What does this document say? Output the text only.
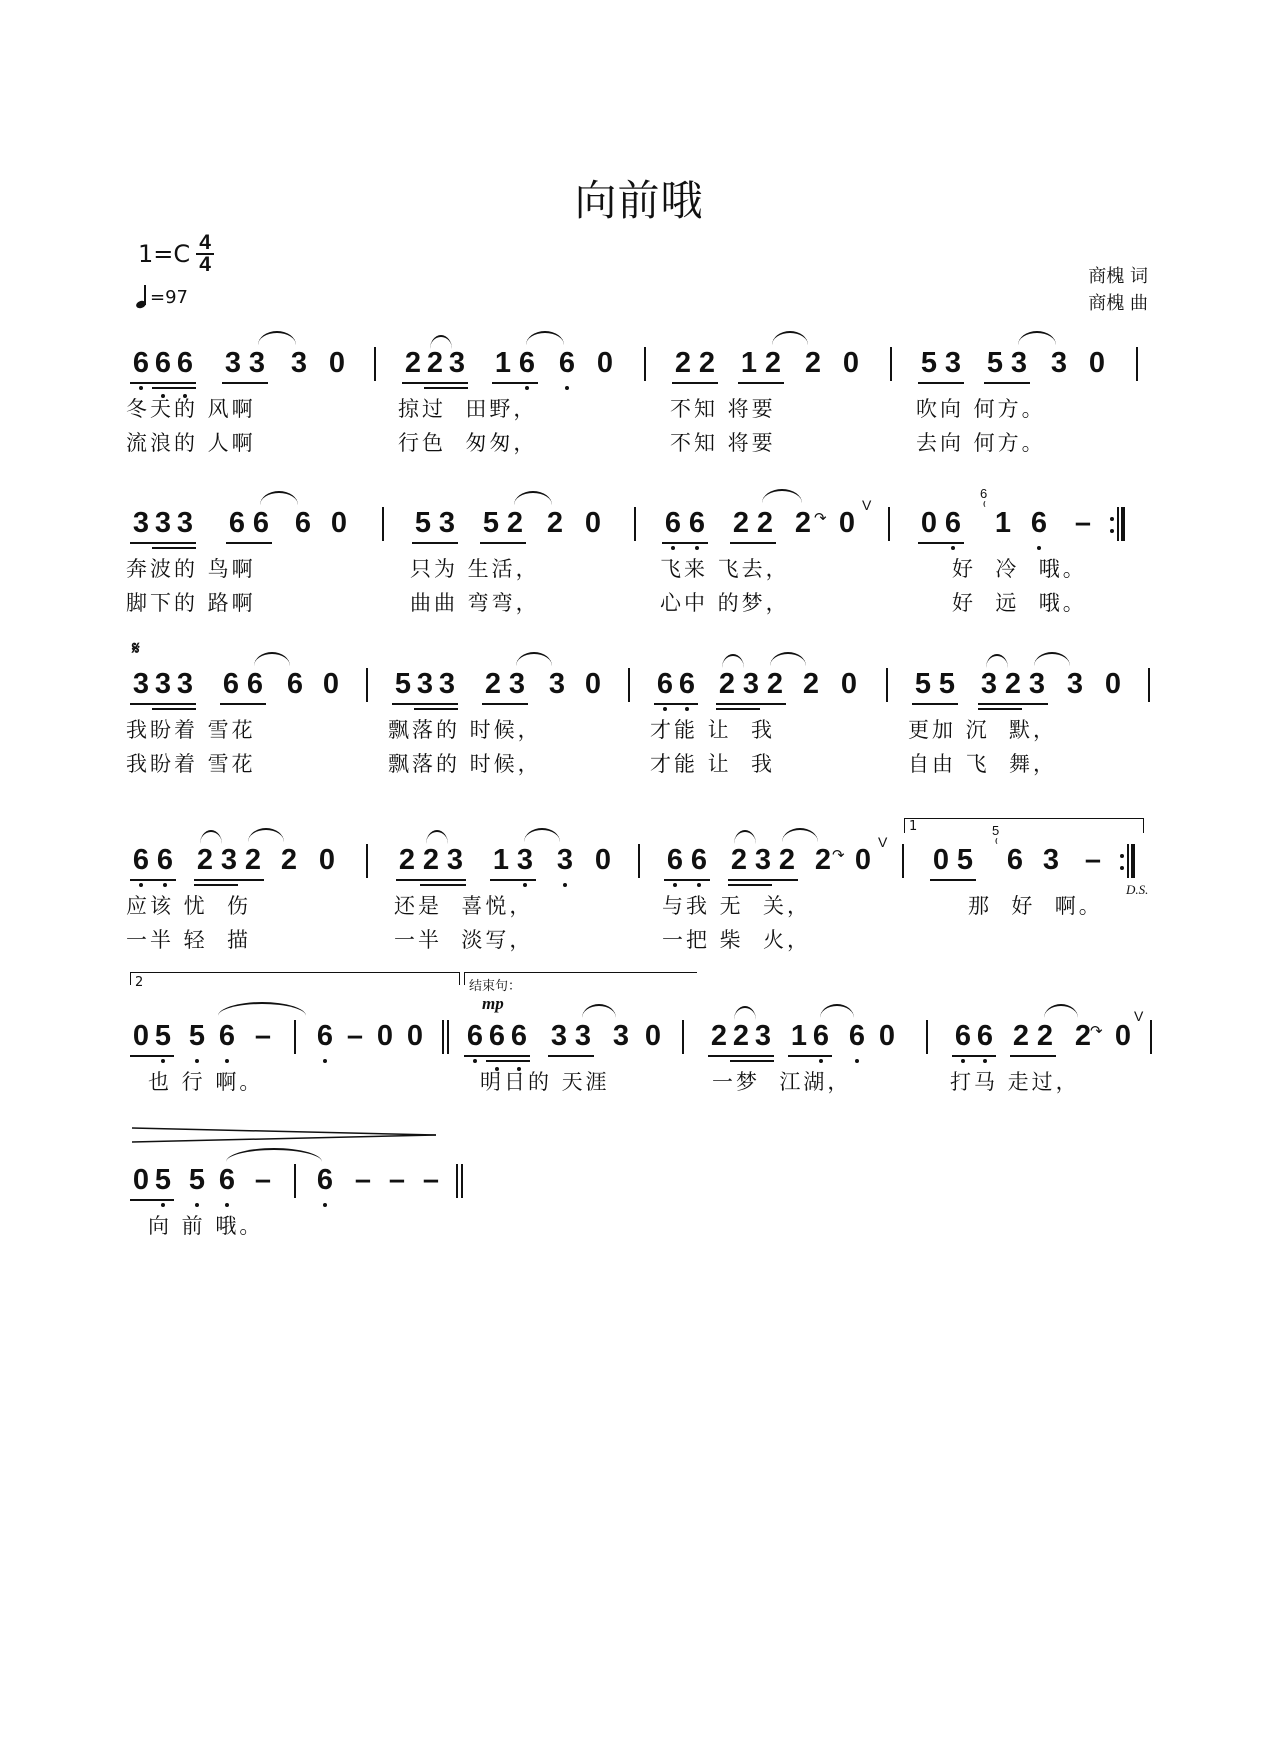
向前哦
1=C 4
4
=97
商槐 词
商槐 曲
6 6 6 3 3 3 0 2 2 3 1 6 6 0 2 2 1 2 2 0 5 3 5 3 3 0
冬天的 风啊	掠过  田野，	不知 将要	吹向 何方。
流浪的 人啊	行色  匆匆，	不知 将要	去向 何方。
3 3 3 6 6 6 0 5 3 5 2 2 0 6 6 2 2 2 ↷ 0
V
0 6
6 ⌣
1 6 –
奔波的 鸟啊	只为 生活，	飞来 飞去，	好  冷  哦。
脚下的 路啊	曲曲 弯弯，	心中 的梦，	好  远  哦。
𝄋
3 3 3 6 6 6 0 5 3 3 2 3 3 0 6 6 2 3 2 2 0 5 5 3 2 3 3 0
我盼着 雪花	飘落的 时候，	才能 让  我	更加 沉  默，
我盼着 雪花	飘落的 时候，	才能 让  我	自由 飞  舞，
6 6 2 3 2 2 0 2 2 3 1 3 3 0 6 6 2 3 2 2 ↷ 0
V
1
0 5
5 ⌣
6 3 –
D.S.
应该 忧  伤	还是  喜悦，	与我 无  关，	那  好  啊。
一半 轻  描	一半  淡写，	一把 柴  火，
2	结束句：
mp
0 5 5 6 – 6 – 0 0 6 6 6 3 3 3 0 2 2 3 1 6 6 0 6 6 2 2 2
↷ 0
V
也 行 啊。	明日的 天涯	一梦  江湖，	打马 走过，
0 5 5 6 – 6 – – –
向 前 哦。
